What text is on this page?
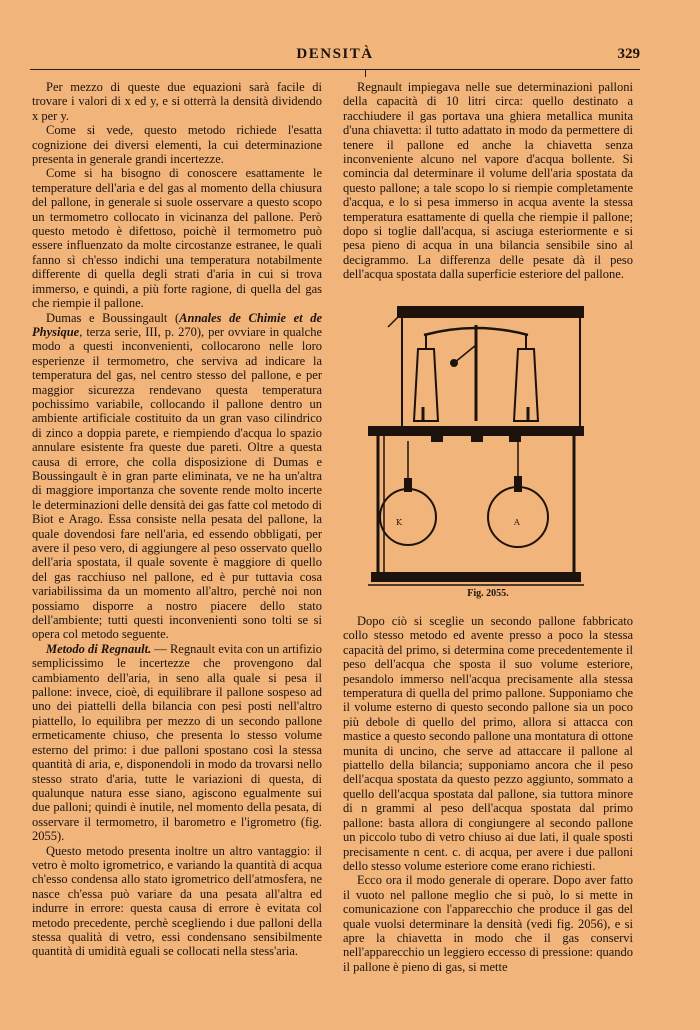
DENSITÀ	329

Per mezzo di queste due equazioni sarà facile di trovare i valori di x ed y, e si otterrà la densità dividendo x per y.

Come si vede, questo metodo richiede l'esatta cognizione dei diversi elementi, la cui determinazione presenta in generale grandi incertezze.

Come si ha bisogno di conoscere esattamente le temperature dell'aria e del gas al momento della chiusura del pallone, in generale si suole osservare a questo scopo un termometro collocato in vicinanza del pallone. Però questo metodo è difettoso, poichè il termometro può essere influenzato da molte circostanze estranee, le quali fanno sì ch'esso indichi una temperatura notabilmente differente di quella degli strati d'aria in cui si trova immerso, e quindi, a più forte ragione, di quella del gas che riempie il pallone.

Dumas e Boussingault (Annales de Chimie et de Physique, terza serie, III, p. 270), per ovviare in qualche modo a questi inconvenienti, collocarono nelle loro esperienze il termometro, che serviva ad indicare la temperatura del gas, nel centro stesso del pallone, e per maggior sicurezza rendevano questa temperatura pochissimo variabile, collocando il pallone dentro un ambiente artificiale costituito da un gran vaso cilindrico di zinco a doppia parete, e riempiendo d'acqua lo spazio annulare esistente fra queste due pareti. Oltre a questa causa di errore, che colla disposizione di Dumas e Boussingault è in gran parte eliminata, ve ne ha un'altra di maggiore importanza che sovente rende molto incerte le determinazioni delle densità dei gas fatte col metodo di Biot e Arago. Essa consiste nella pesata del pallone, la quale dovendosi fare nell'aria, ed essendo obbligati, per avere il peso vero, di aggiungere al peso osservato quello dell'aria spostata, il quale sovente è maggiore di quello del gas racchiuso nel pallone, ed è pur tuttavia cosa variabilissima da un momento all'altro, perchè noi non possiamo disporre a nostro piacere dello stato dell'ambiente; tutti questi inconvenienti sono tolti se si opera col metodo seguente.

Metodo di Regnault. — Regnault evita con un artifizio semplicissimo le incertezze che provengono dal cambiamento dell'aria, in seno alla quale si pesa il pallone: invece, cioè, di equilibrare il pallone sospeso ad uno dei piattelli della bilancia con pesi posti nell'altro piattello, lo equilibra per mezzo di un secondo pallone ermeticamente chiuso, che presenta lo stesso volume esterno del primo: i due palloni spostano così la stessa quantità di aria, e, disponendoli in modo da trovarsi nello stesso strato d'aria, tutte le variazioni di questa, di qualunque natura esse siano, agiscono egualmente sui due palloni; quindi è inutile, nel momento della pesata, di osservare il termometro, il barometro e l'igrometro (fig. 2055).

Questo metodo presenta inoltre un altro vantaggio: il vetro è molto igrometrico, e variando la quantità di acqua ch'esso condensa allo stato igrometrico dell'atmosfera, ne nasce ch'essa può variare da una pesata all'altra ed indurre in errore: questa causa di errore è evitata col metodo precedente, perchè scegliendo i due palloni della stessa qualità di vetro, essi condensano sensibilmente quantità di umidità eguali se collocati nella stess'aria.

Regnault impiegava nelle sue determinazioni palloni della capacità di 10 litri circa: quello destinato a racchiudere il gas portava una ghiera metallica munita d'una chiavetta: il tutto adattato in modo da permettere di tenere il pallone ed anche la chiavetta senza inconveniente alcuno nel vapore d'acqua bollente. Si comincia dal determinare il volume dell'aria spostata da questo pallone; a tale scopo lo si riempie completamente d'acqua, e lo si pesa immerso in acqua avente la stessa temperatura esattamente di quella che riempie il pallone; dopo si toglie dall'acqua, si asciuga esteriormente e si pesa pieno di acqua in una bilancia sensibile sino al decigrammo. La differenza delle pesate dà il peso dell'acqua spostata dalla superficie esteriore del pallone.

K	A
Fig. 2055.

Dopo ciò si sceglie un secondo pallone fabbricato collo stesso metodo ed avente presso a poco la stessa capacità del primo, si determina come precedentemente il peso dell'acqua che sposta il suo volume esteriore, pesandolo immerso nell'acqua precisamente alla stessa temperatura di quella del primo pallone. Supponiamo che il volume esterno di questo secondo pallone sia un poco più debole di quello del primo, allora si attacca con mastice a questo secondo pallone una montatura di ottone munita di uncino, che serve ad attaccare il pallone al piattello della bilancia; supponiamo ancora che il peso dell'acqua spostata da questo pezzo aggiunto, sommato a quello dell'acqua spostata dal pallone, sia tuttora minore di n grammi al peso dell'acqua spostata dal primo pallone: basta allora di congiungere al secondo pallone un piccolo tubo di vetro chiuso ai due lati, il quale sposti precisamente n cent. c. di acqua, per avere i due palloni dello stesso volume esteriore come erano richiesti.

Ecco ora il modo generale di operare. Dopo aver fatto il vuoto nel pallone meglio che si può, lo si mette in comunicazione con l'apparecchio che produce il gas del quale vuolsi determinare la densità (vedi fig. 2056), e si apre la chiavetta in modo che il gas conservi nell'apparecchio un leggiero eccesso di pressione: quando il pallone è pieno di gas, si mette
